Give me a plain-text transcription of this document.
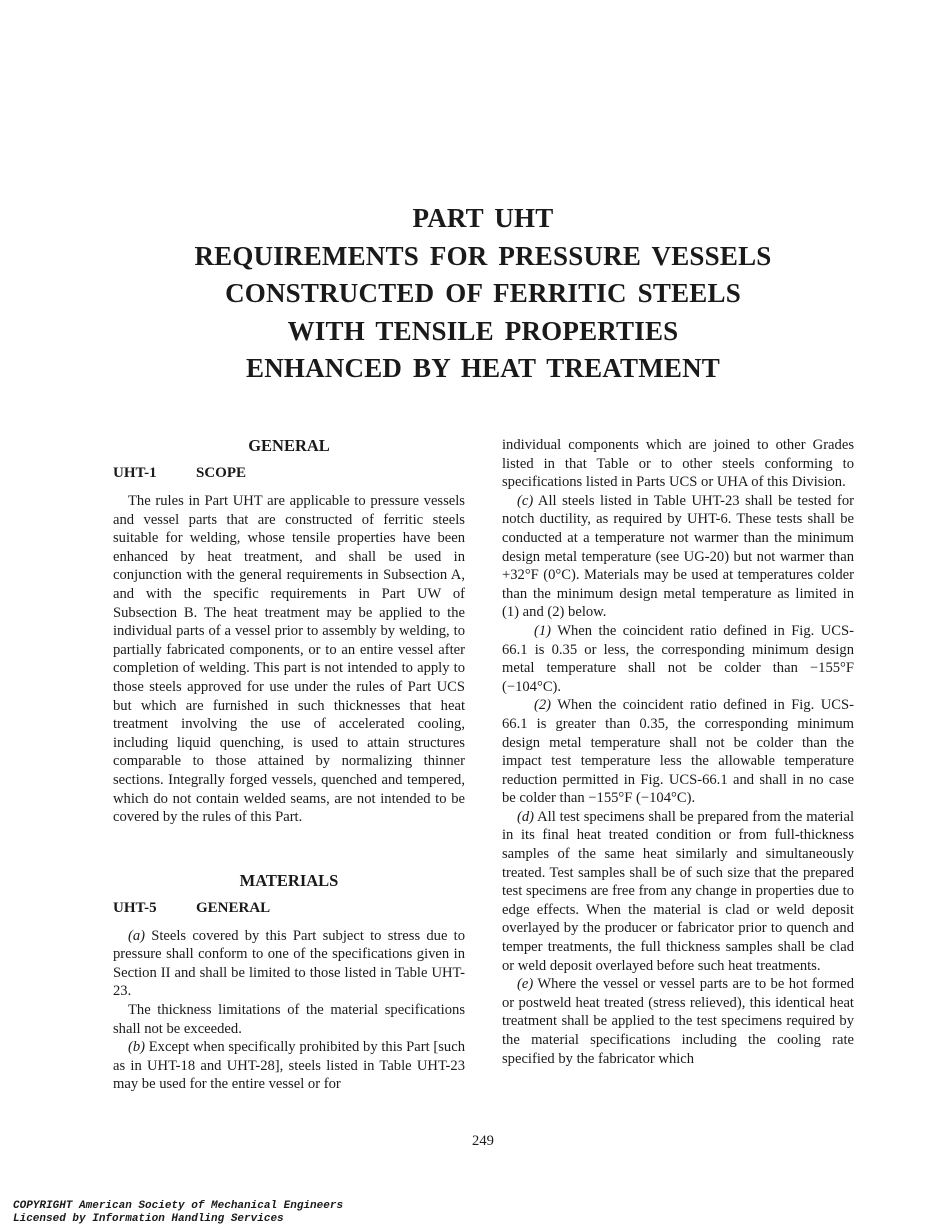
PART UHT
REQUIREMENTS FOR PRESSURE VESSELS
CONSTRUCTED OF FERRITIC STEELS
WITH TENSILE PROPERTIES
ENHANCED BY HEAT TREATMENT
GENERAL
UHT-1	SCOPE

The rules in Part UHT are applicable to pressure vessels and vessel parts that are constructed of ferritic steels suitable for welding, whose tensile properties have been enhanced by heat treatment, and shall be used in conjunction with the general requirements in Subsection A, and with the specific requirements in Part UW of Subsection B. The heat treatment may be applied to the individual parts of a vessel prior to assembly by welding, to partially fabricated components, or to an entire vessel after completion of welding. This part is not intended to apply to those steels approved for use under the rules of Part UCS but which are furnished in such thicknesses that heat treatment involving the use of accelerated cooling, including liquid quenching, is used to attain structures comparable to those attained by normalizing thinner sections. Integrally forged vessels, quenched and tempered, which do not contain welded seams, are not intended to be covered by the rules of this Part.

MATERIALS
UHT-5	GENERAL

(a) Steels covered by this Part subject to stress due to pressure shall conform to one of the specifications given in Section II and shall be limited to those listed in Table UHT-23.

The thickness limitations of the material specifications shall not be exceeded.

(b) Except when specifically prohibited by this Part [such as in UHT-18 and UHT-28], steels listed in Table UHT-23 may be used for the entire vessel or for

individual components which are joined to other Grades listed in that Table or to other steels conforming to specifications listed in Parts UCS or UHA of this Division.

(c) All steels listed in Table UHT-23 shall be tested for notch ductility, as required by UHT-6. These tests shall be conducted at a temperature not warmer than the minimum design metal temperature (see UG-20) but not warmer than +32°F (0°C). Materials may be used at temperatures colder than the minimum design metal temperature as limited in (1) and (2) below.

(1) When the coincident ratio defined in Fig. UCS-66.1 is 0.35 or less, the corresponding minimum design metal temperature shall not be colder than −155°F (−104°C).

(2) When the coincident ratio defined in Fig. UCS-66.1 is greater than 0.35, the corresponding minimum design metal temperature shall not be colder than the impact test temperature less the allowable temperature reduction permitted in Fig. UCS-66.1 and shall in no case be colder than −155°F (−104°C).

(d) All test specimens shall be prepared from the material in its final heat treated condition or from full-thickness samples of the same heat similarly and simultaneously treated. Test samples shall be of such size that the prepared test specimens are free from any change in properties due to edge effects. When the material is clad or weld deposit overlayed by the producer or fabricator prior to quench and temper treatments, the full thickness samples shall be clad or weld deposit overlayed before such heat treatments.

(e) Where the vessel or vessel parts are to be hot formed or postweld heat treated (stress relieved), this identical heat treatment shall be applied to the test specimens required by the material specifications including the cooling rate specified by the fabricator which

249
COPYRIGHT American Society of Mechanical Engineers
Licensed by Information Handling Services
